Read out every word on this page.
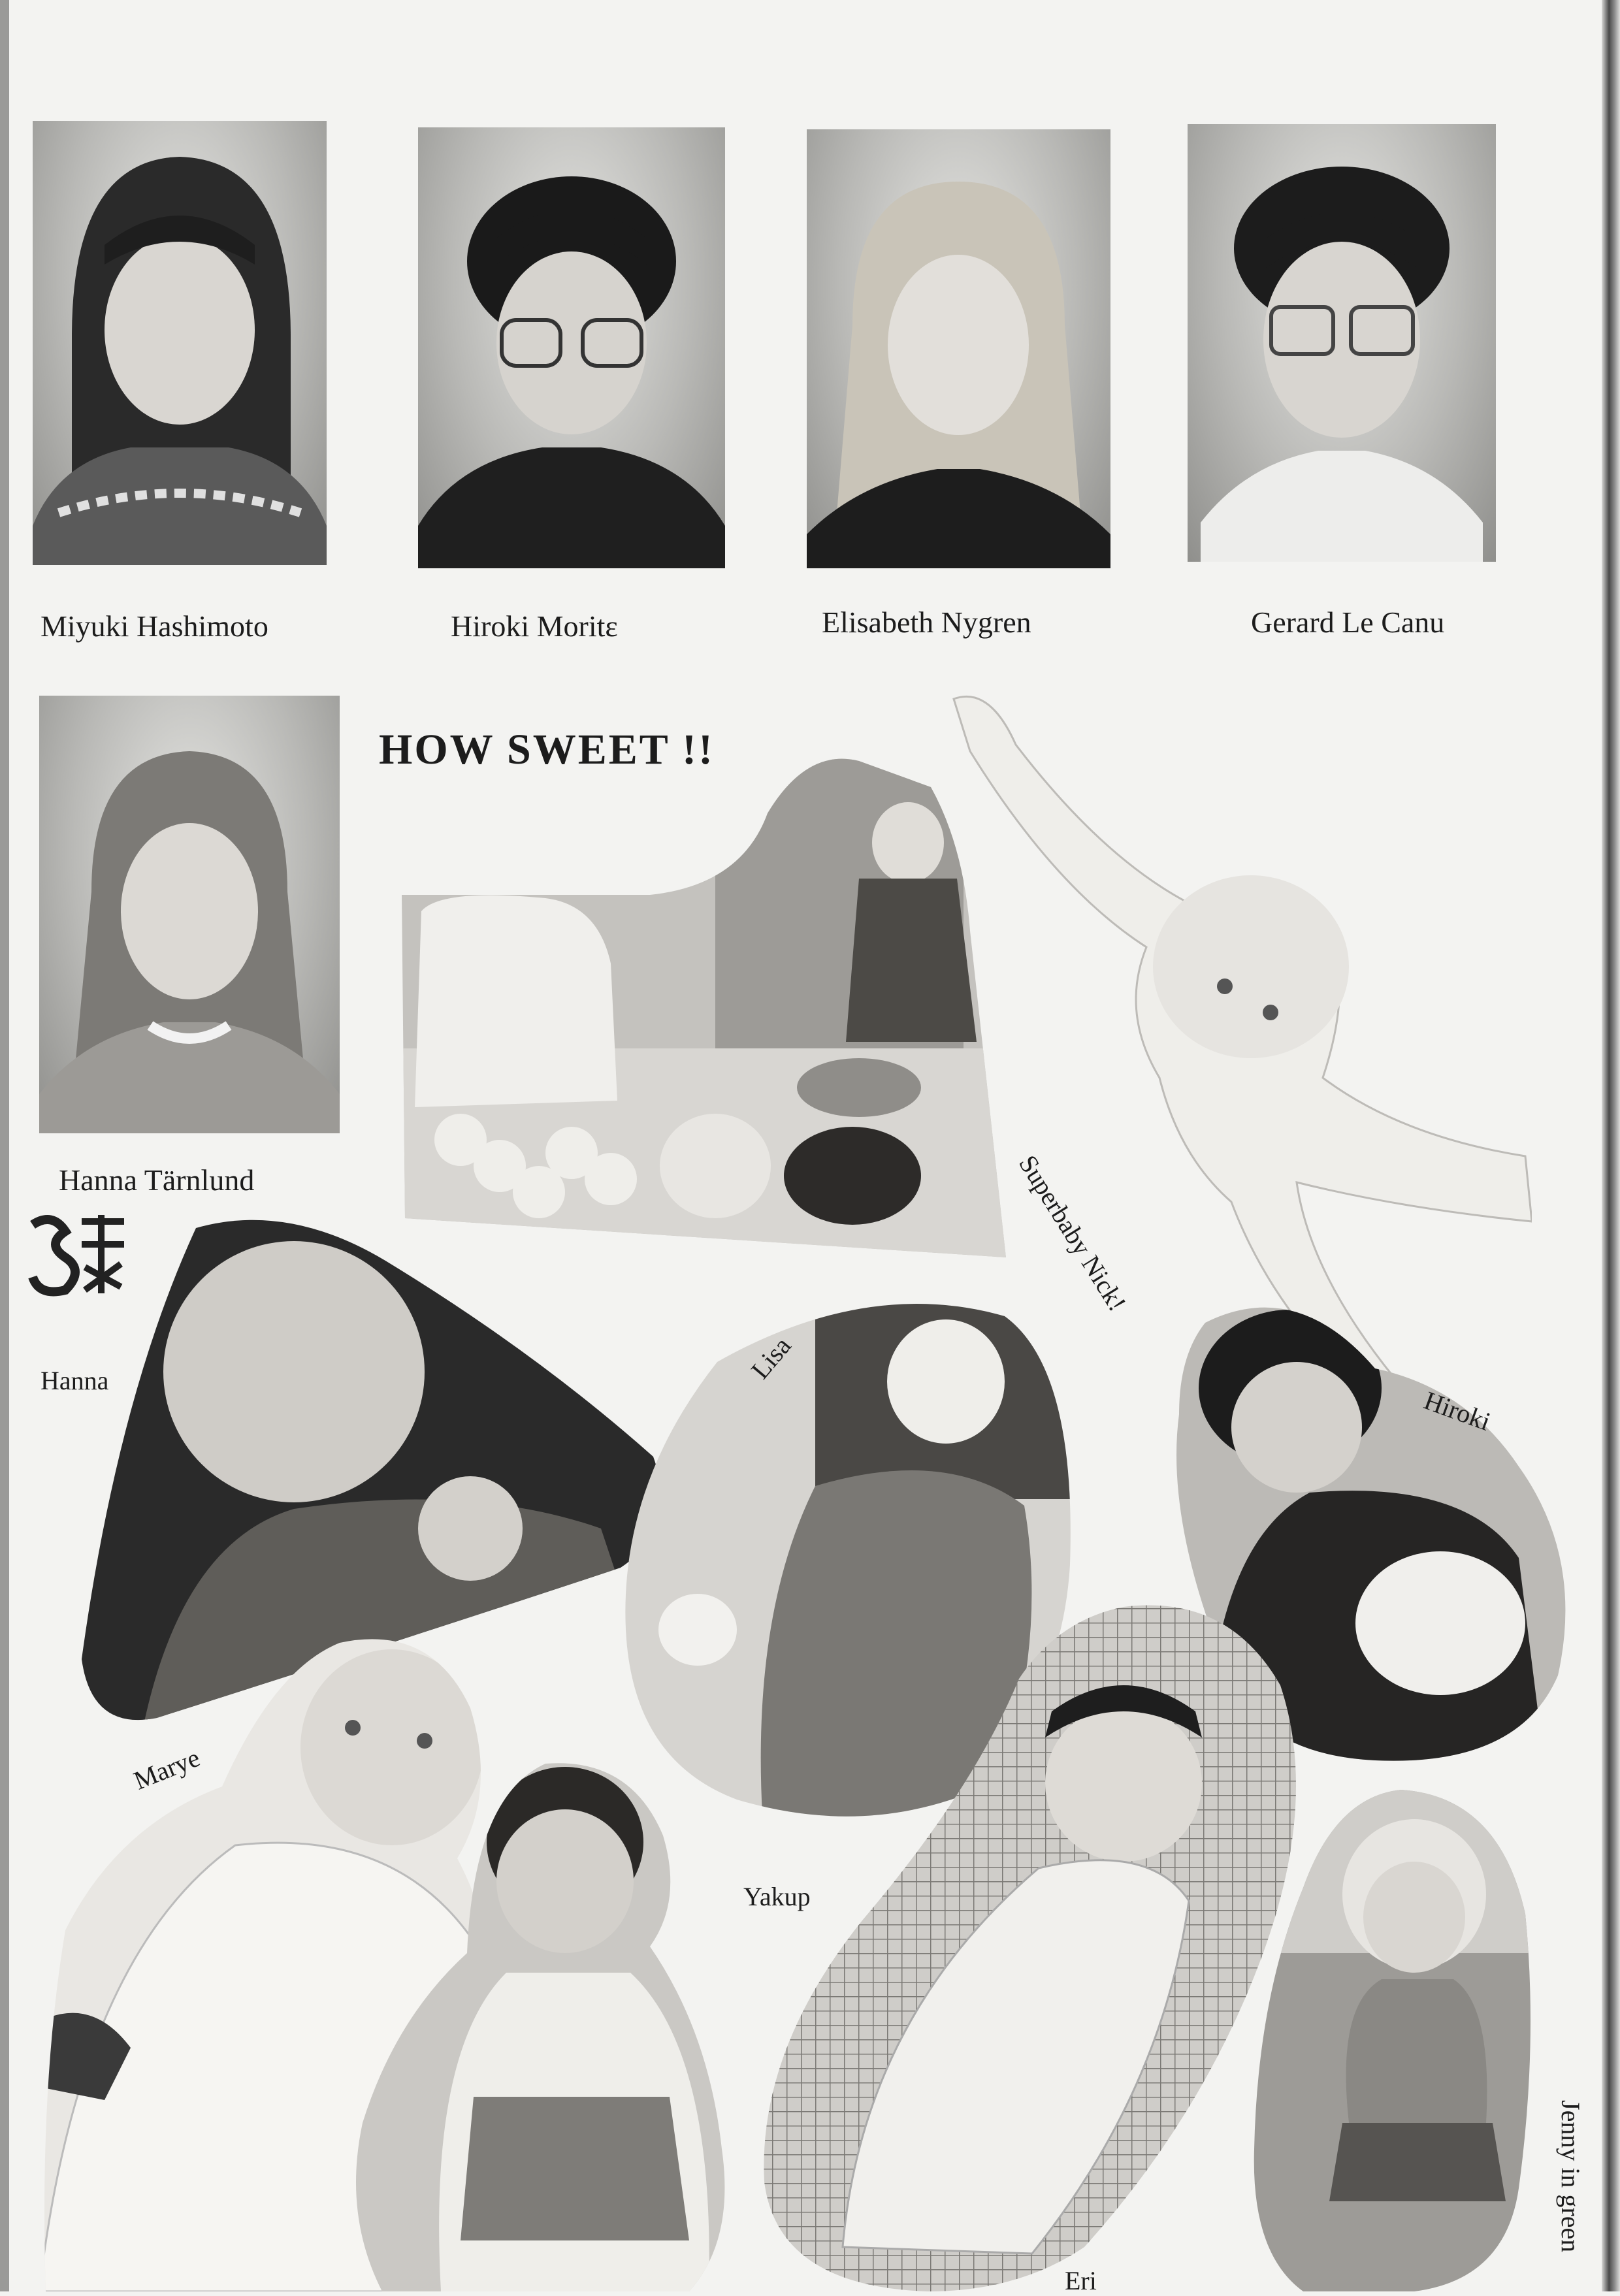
Miyuki Hashimoto	Hiroki Moritε	Elisabeth Nygren	Gerard Le Canu
Hanna Tärnlund
HOW SWEET !!
Superbaby Nick!
Hanna	Lisa
Hiroki
Marye
Yakup
Eri
Jenny in green
